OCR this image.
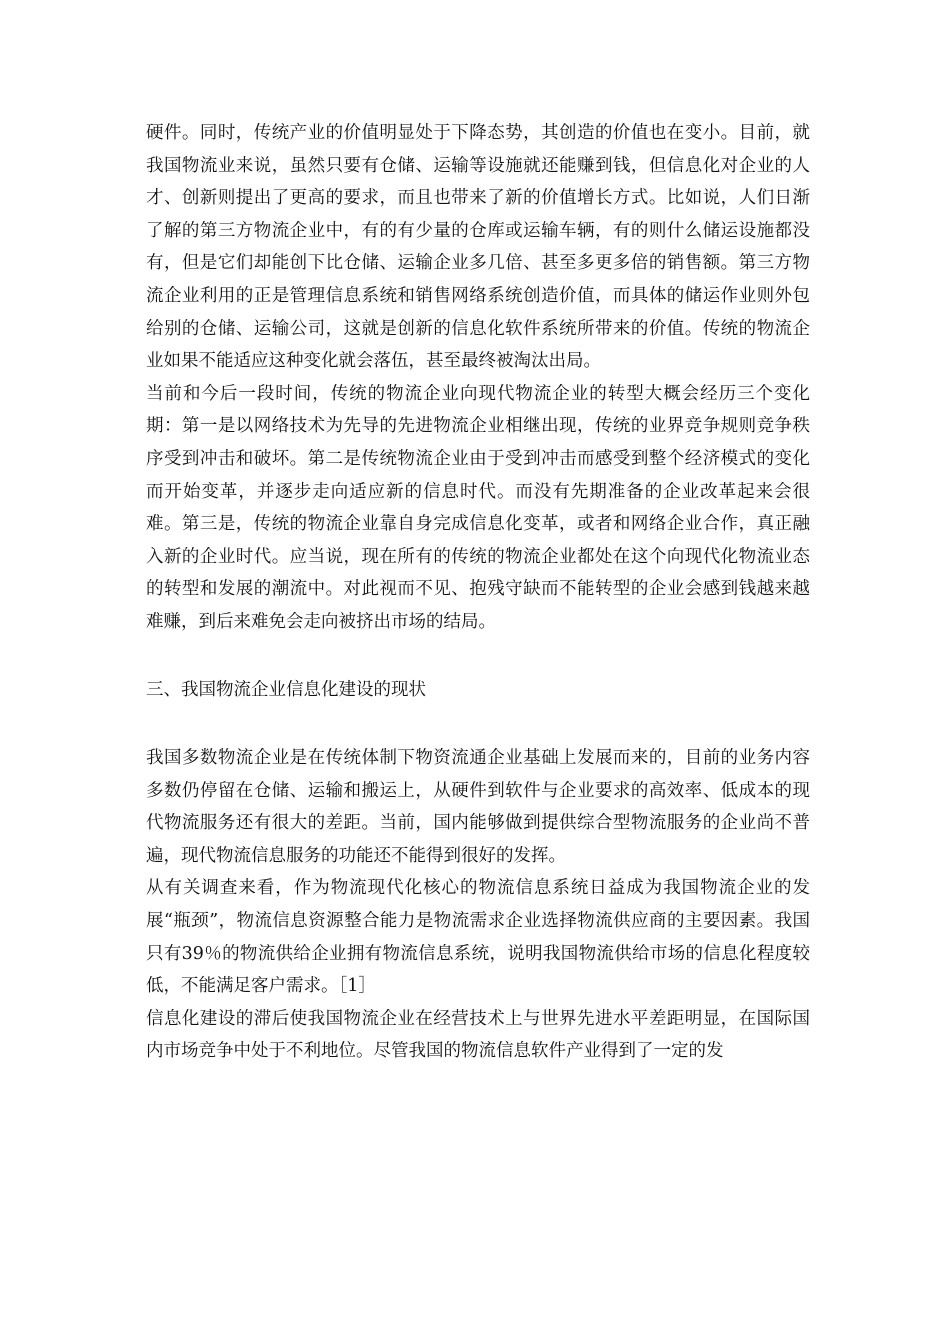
硬件。同时，传统产业的价值明显处于下降态势，其创造的价值也在变小。目前，就我国物流业来说，虽然只要有仓储、运输等设施就还能赚到钱，但信息化对企业的人才、创新则提出了更高的要求，而且也带来了新的价值增长方式。比如说，人们日渐了解的第三方物流企业中，有的有少量的仓库或运输车辆，有的则什么储运设施都没有，但是它们却能创下比仓储、运输企业多几倍、甚至多更多倍的销售额。第三方物流企业利用的正是管理信息系统和销售网络系统创造价值，而具体的储运作业则外包给别的仓储、运输公司，这就是创新的信息化软件系统所带来的价值。传统的物流企业如果不能适应这种变化就会落伍，甚至最终被淘汰出局。

当前和今后一段时间，传统的物流企业向现代物流企业的转型大概会经历三个变化期：第一是以网络技术为先导的先进物流企业相继出现，传统的业界竞争规则竞争秩序受到冲击和破坏。第二是传统物流企业由于受到冲击而感受到整个经济模式的变化而开始变革，并逐步走向适应新的信息时代。而没有先期准备的企业改革起来会很难。第三是，传统的物流企业靠自身完成信息化变革，或者和网络企业合作，真正融入新的企业时代。应当说，现在所有的传统的物流企业都处在这个向现代化物流业态的转型和发展的潮流中。对此视而不见、抱残守缺而不能转型的企业会感到钱越来越难赚，到后来难免会走向被挤出市场的结局。

三、我国物流企业信息化建设的现状

我国多数物流企业是在传统体制下物资流通企业基础上发展而来的，目前的业务内容多数仍停留在仓储、运输和搬运上，从硬件到软件与企业要求的高效率、低成本的现代物流服务还有很大的差距。当前，国内能够做到提供综合型物流服务的企业尚不普遍，现代物流信息服务的功能还不能得到很好的发挥。

从有关调查来看，作为物流现代化核心的物流信息系统日益成为我国物流企业的发展“瓶颈”，物流信息资源整合能力是物流需求企业选择物流供应商的主要因素。我国只有39％的物流供给企业拥有物流信息系统，说明我国物流供给市场的信息化程度较低，不能满足客户需求。［1］

信息化建设的滞后使我国物流企业在经营技术上与世界先进水平差距明显，在国际国内市场竞争中处于不利地位。尽管我国的物流信息软件产业得到了一定的发
